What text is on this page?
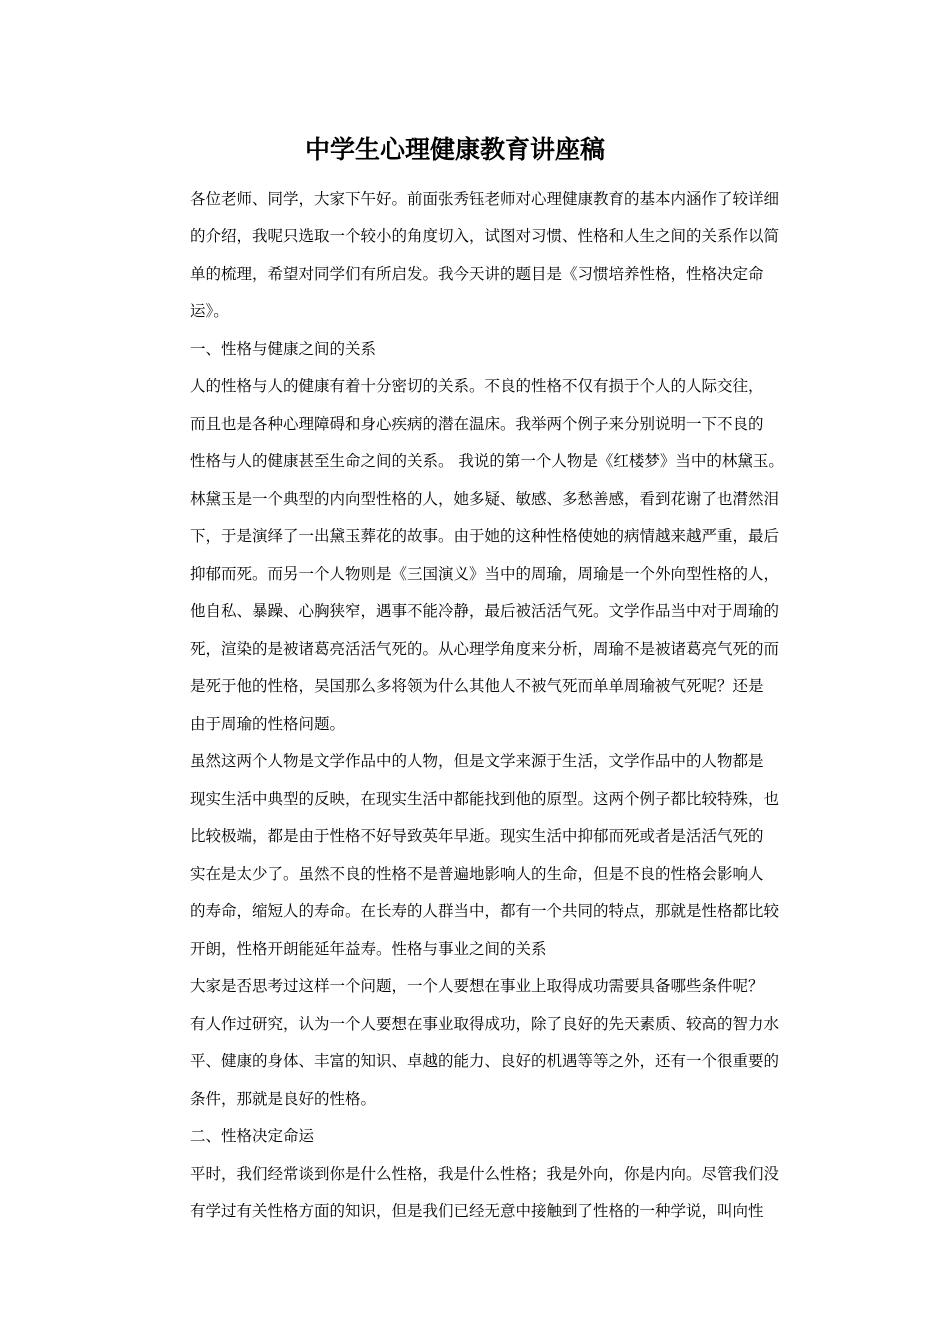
中学生心理健康教育讲座稿
各位老师、同学，大家下午好。前面张秀钰老师对心理健康教育的基本内涵作了较详细
的介绍，我呢只选取一个较小的角度切入，试图对习惯、性格和人生之间的关系作以简
单的梳理，希望对同学们有所启发。我今天讲的题目是《习惯培养性格，性格决定命
运》。
一、性格与健康之间的关系
人的性格与人的健康有着十分密切的关系。不良的性格不仅有损于个人的人际交往，
而且也是各种心理障碍和身心疾病的潜在温床。我举两个例子来分别说明一下不良的
性格与人的健康甚至生命之间的关系。 我说的第一个人物是《红楼梦》当中的林黛玉。
林黛玉是一个典型的内向型性格的人，她多疑、敏感、多愁善感，看到花谢了也潸然泪
下，于是演绎了一出黛玉葬花的故事。由于她的这种性格使她的病情越来越严重，最后
抑郁而死。而另一个人物则是《三国演义》当中的周瑜，周瑜是一个外向型性格的人，
他自私、暴躁、心胸狭窄，遇事不能冷静，最后被活活气死。文学作品当中对于周瑜的
死，渲染的是被诸葛亮活活气死的。从心理学角度来分析，周瑜不是被诸葛亮气死的而
是死于他的性格，吴国那么多将领为什么其他人不被气死而单单周瑜被气死呢？还是
由于周瑜的性格问题。
虽然这两个人物是文学作品中的人物，但是文学来源于生活，文学作品中的人物都是
现实生活中典型的反映，在现实生活中都能找到他的原型。这两个例子都比较特殊，也
比较极端，都是由于性格不好导致英年早逝。现实生活中抑郁而死或者是活活气死的
实在是太少了。虽然不良的性格不是普遍地影响人的生命，但是不良的性格会影响人
的寿命，缩短人的寿命。在长寿的人群当中，都有一个共同的特点，那就是性格都比较
开朗，性格开朗能延年益寿。性格与事业之间的关系
大家是否思考过这样一个问题，一个人要想在事业上取得成功需要具备哪些条件呢？
有人作过研究，认为一个人要想在事业取得成功，除了良好的先天素质、较高的智力水
平、健康的身体、丰富的知识、卓越的能力、良好的机遇等等之外，还有一个很重要的
条件，那就是良好的性格。
二、性格决定命运
平时，我们经常谈到你是什么性格，我是什么性格；我是外向，你是内向。尽管我们没
有学过有关性格方面的知识，但是我们已经无意中接触到了性格的一种学说，叫向性
